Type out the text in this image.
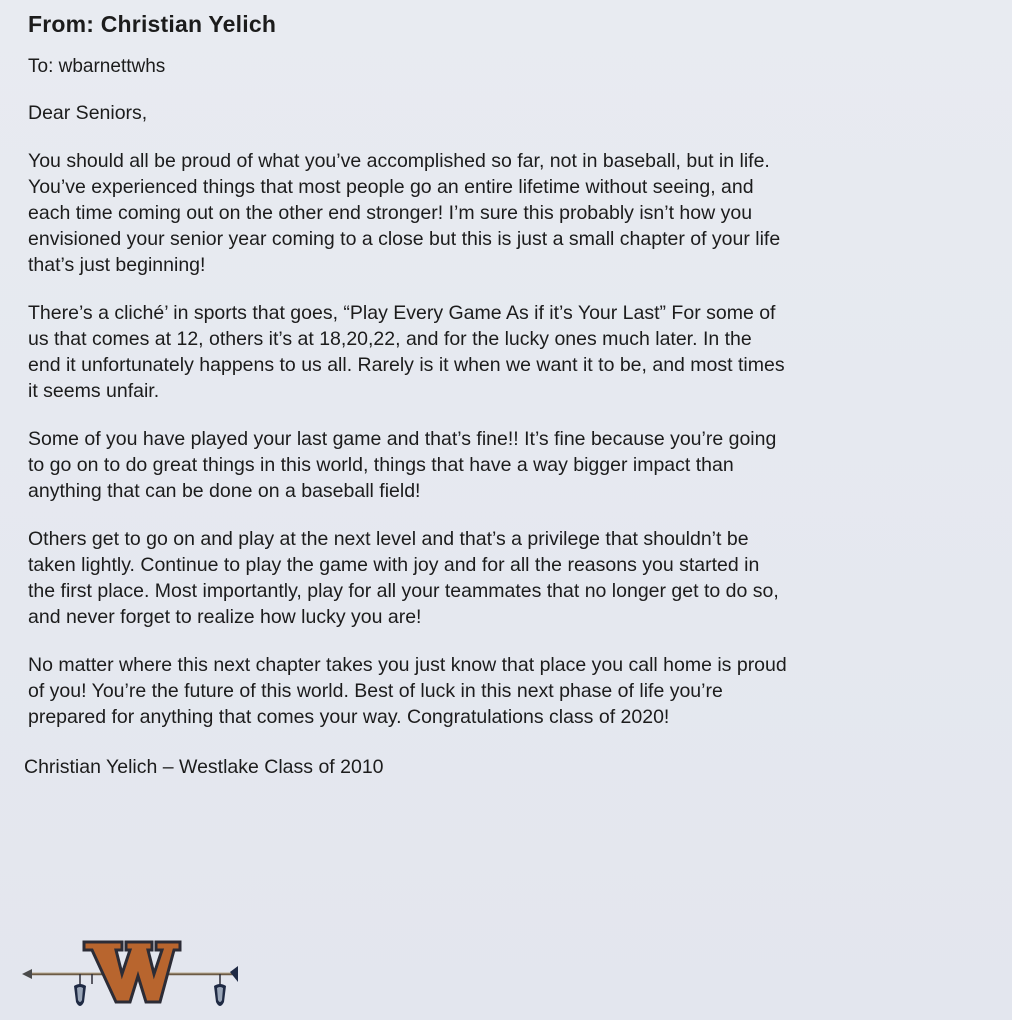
From: Christian Yelich
To: wbarnettwhs
Dear Seniors,
You should all be proud of what you’ve accomplished so far, not in baseball, but in life.
You’ve experienced things that most people go an entire lifetime without seeing, and
each time coming out on the other end stronger! I’m sure this probably isn’t how you
envisioned your senior year coming to a close but this is just a small chapter of your life
that’s just beginning!
There’s a cliché’ in sports that goes, “Play Every Game As if it’s Your Last” For some of
us that comes at 12, others it’s at 18,20,22, and for the lucky ones much later. In the
end it unfortunately happens to us all. Rarely is it when we want it to be, and most times
it seems unfair.
Some of you have played your last game and that’s fine!! It’s fine because you’re going
to go on to do great things in this world, things that have a way bigger impact than
anything that can be done on a baseball field!
Others get to go on and play at the next level and that’s a privilege that shouldn’t be
taken lightly. Continue to play the game with joy and for all the reasons you started in
the first place. Most importantly, play for all your teammates that no longer get to do so,
and never forget to realize how lucky you are!
No matter where this next chapter takes you just know that place you call home is proud
of you! You’re the future of this world. Best of luck in this next phase of life you’re
prepared for anything that comes your way. Congratulations class of 2020!
Christian Yelich – Westlake Class of 2010
